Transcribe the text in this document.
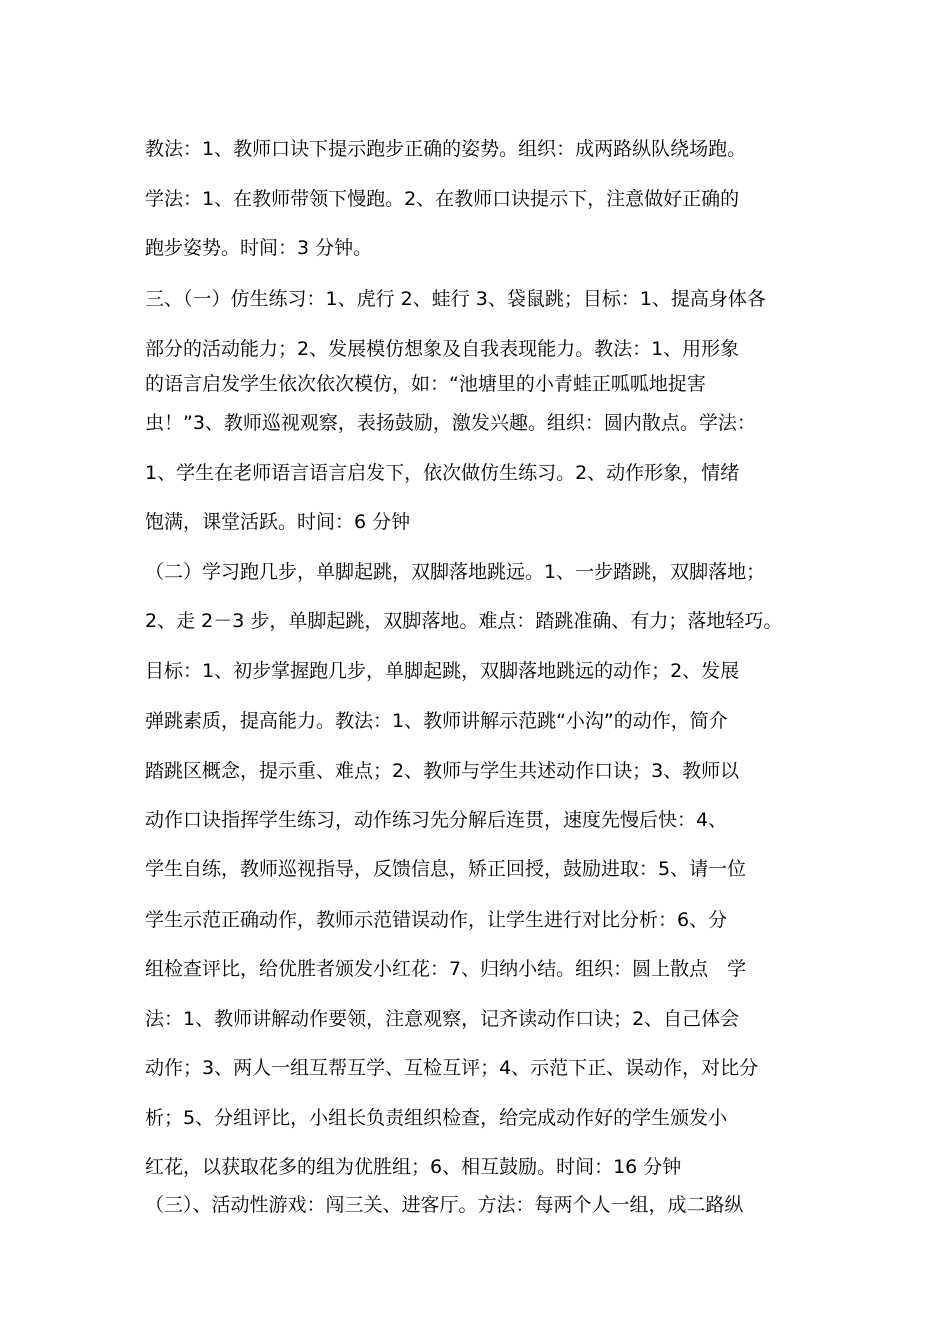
教法：1、教师口诀下提示跑步正确的姿势。组织：成两路纵队绕场跑。
学法：1、在教师带领下慢跑。2、在教师口诀提示下，注意做好正确的
跑步姿势。时间：3 分钟。
三、（一）仿生练习：1、虎行 2、蛙行 3、袋鼠跳；目标：1、提高身体各
部分的活动能力；2、发展模仿想象及自我表现能力。教法：1、用形象
的语言启发学生依次依次模仿，如：“池塘里的小青蛙正呱呱地捉害
虫！”3、教师巡视观察，表扬鼓励，激发兴趣。组织：圆内散点。学法：
1、学生在老师语言语言启发下，依次做仿生练习。2、动作形象，情绪
饱满，课堂活跃。时间：6 分钟
（二）学习跑几步，单脚起跳，双脚落地跳远。1、一步踏跳，双脚落地；
2、走 2－3 步，单脚起跳，双脚落地。难点：踏跳准确、有力；落地轻巧。
目标：1、初步掌握跑几步，单脚起跳，双脚落地跳远的动作；2、发展
弹跳素质，提高能力。教法：1、教师讲解示范跳“小沟”的动作，简介
踏跳区概念，提示重、难点；2、教师与学生共述动作口诀；3、教师以
动作口诀指挥学生练习，动作练习先分解后连贯，速度先慢后快：4、
学生自练，教师巡视指导，反馈信息，矫正回授，鼓励进取：5、请一位
学生示范正确动作，教师示范错误动作，让学生进行对比分析：6、分
组检查评比，给优胜者颁发小红花：7、归纳小结。组织：圆上散点　学
法：1、教师讲解动作要领，注意观察，记齐读动作口诀；2、自己体会
动作；3、两人一组互帮互学、互检互评；4、示范下正、误动作，对比分
析；5、分组评比，小组长负责组织检查，给完成动作好的学生颁发小
红花，以获取花多的组为优胜组；6、相互鼓励。时间：16 分钟
（三）、活动性游戏：闯三关、进客厅。方法：每两个人一组，成二路纵
